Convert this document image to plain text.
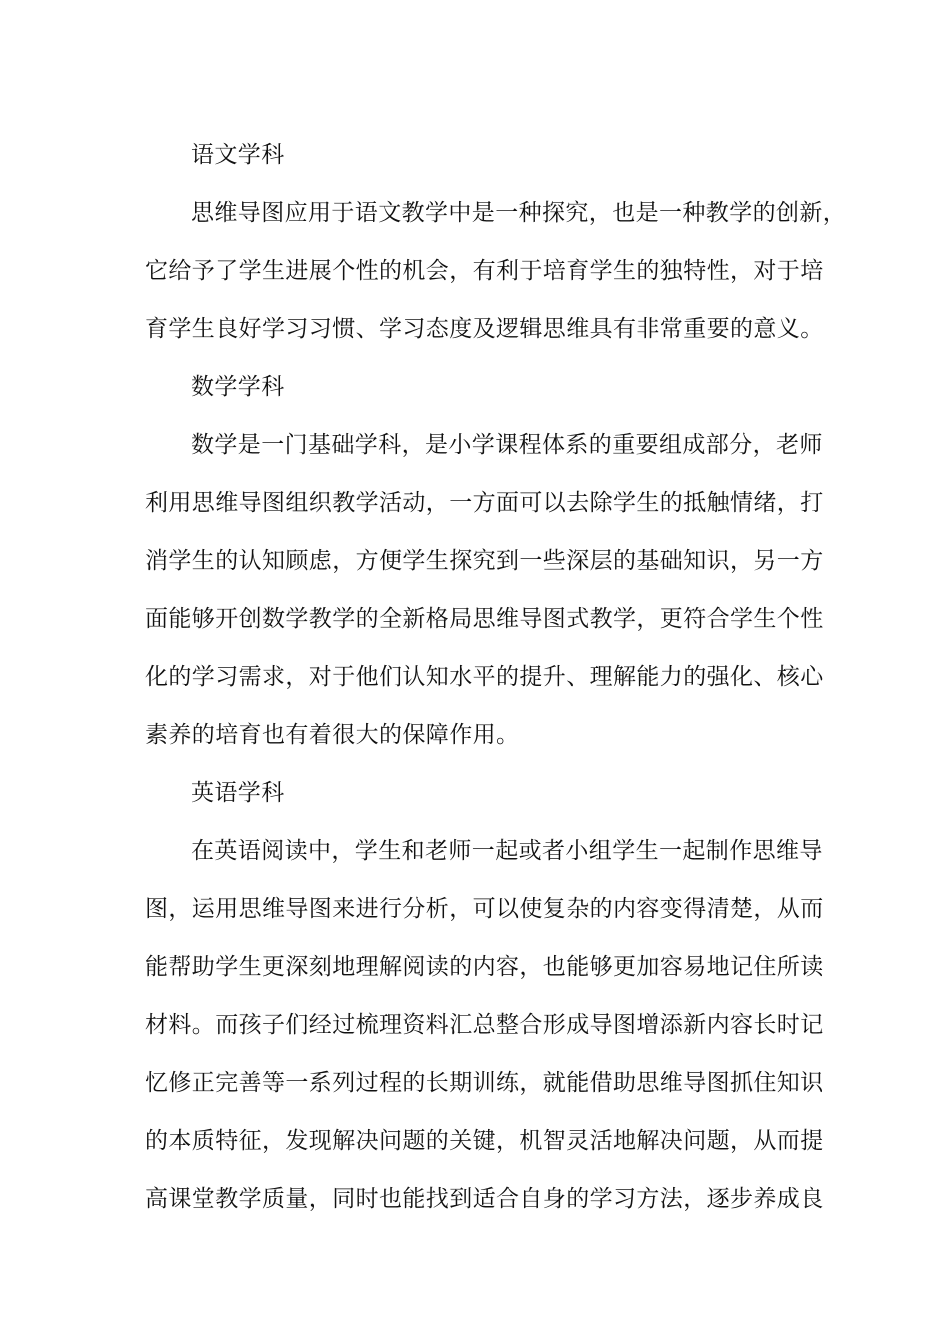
语文学科
思维导图应用于语文教学中是一种探究，也是一种教学的创新，
它给予了学生进展个性的机会，有利于培育学生的独特性，对于培
育学生良好学习习惯、学习态度及逻辑思维具有非常重要的意义。
数学学科
数学是一门基础学科，是小学课程体系的重要组成部分，老师
利用思维导图组织教学活动，一方面可以去除学生的抵触情绪，打
消学生的认知顾虑，方便学生探究到一些深层的基础知识，另一方
面能够开创数学教学的全新格局思维导图式教学，更符合学生个性
化的学习需求，对于他们认知水平的提升、理解能力的强化、核心
素养的培育也有着很大的保障作用。
英语学科
在英语阅读中，学生和老师一起或者小组学生一起制作思维导
图，运用思维导图来进行分析，可以使复杂的内容变得清楚，从而
能帮助学生更深刻地理解阅读的内容，也能够更加容易地记住所读
材料。而孩子们经过梳理资料汇总整合形成导图增添新内容长时记
忆修正完善等一系列过程的长期训练，就能借助思维导图抓住知识
的本质特征，发现解决问题的关键，机智灵活地解决问题，从而提
高课堂教学质量，同时也能找到适合自身的学习方法，逐步养成良
